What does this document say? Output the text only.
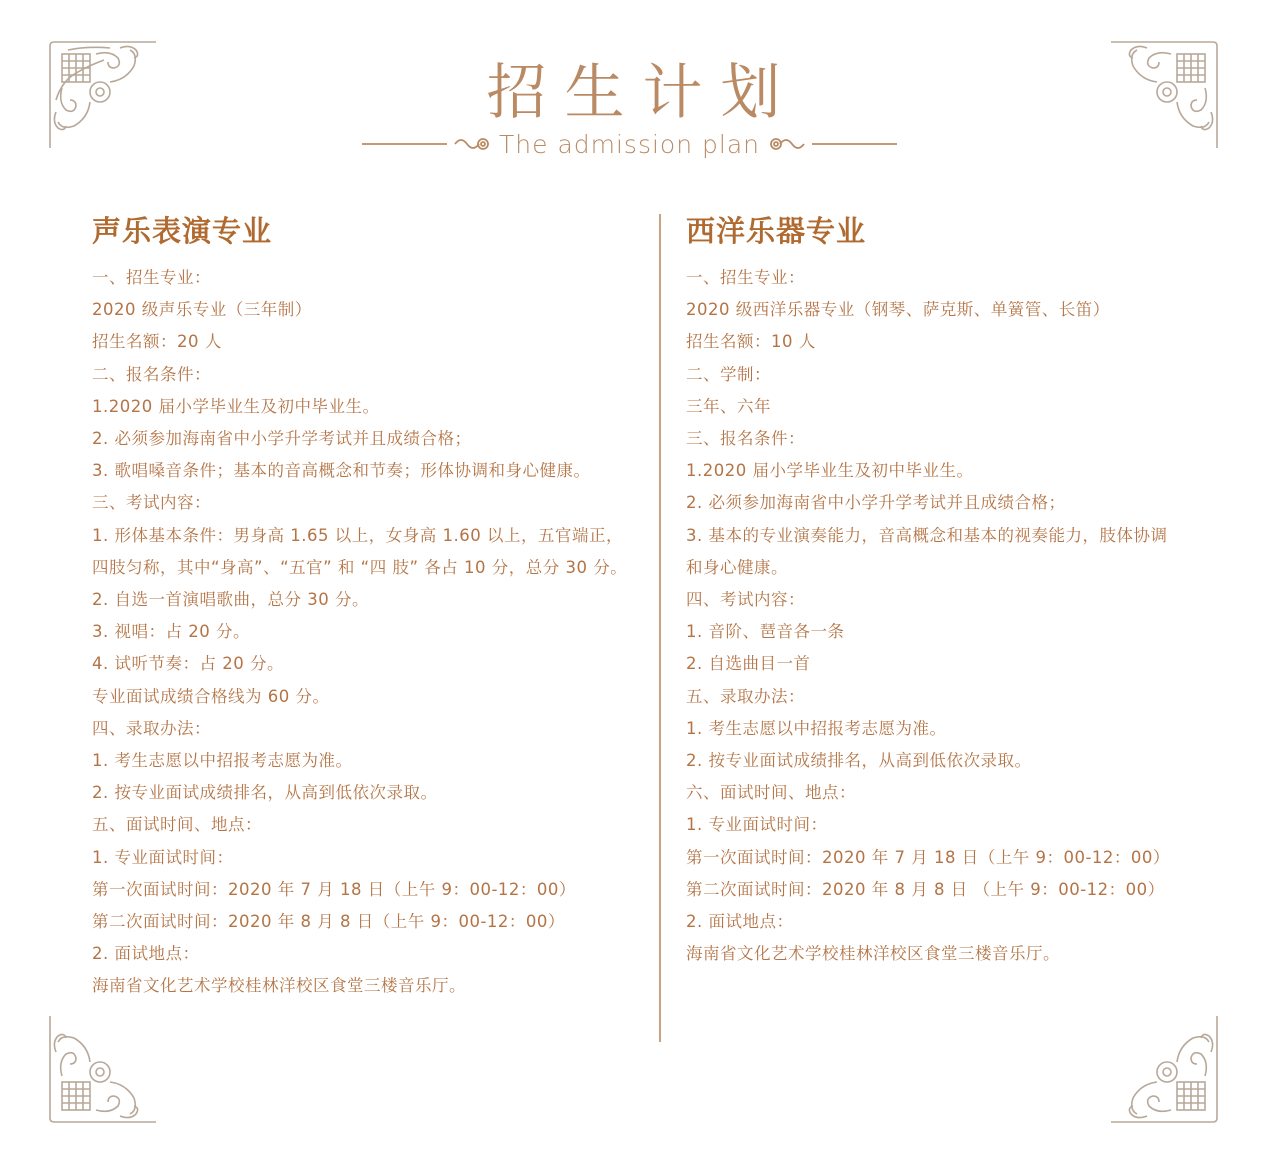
招生计划
The admission plan
声乐表演专业
一、招生专业：
2020 级声乐专业（三年制）
招生名额：20 人
二、报名条件：
1.2020 届小学毕业生及初中毕业生。
2. 必须参加海南省中小学升学考试并且成绩合格；
3. 歌唱嗓音条件；基本的音高概念和节奏；形体协调和身心健康。
三、考试内容：
1. 形体基本条件：男身高 1.65 以上，女身高 1.60 以上，五官端正，
四肢匀称，其中“身高”、“五官” 和 “四 肢” 各占 10 分，总分 30 分。
2. 自选一首演唱歌曲，总分 30 分。
3. 视唱：占 20 分。
4. 试听节奏：占 20 分。
专业面试成绩合格线为 60 分。
四、录取办法：
1. 考生志愿以中招报考志愿为准。
2. 按专业面试成绩排名，从高到低依次录取。
五、面试时间、地点：
1. 专业面试时间：
第一次面试时间：2020 年 7 月 18 日（上午 9：00-12：00）
第二次面试时间：2020 年 8 月 8 日（上午 9：00-12：00）
2. 面试地点：
海南省文化艺术学校桂林洋校区食堂三楼音乐厅。
西洋乐器专业
一、招生专业：
2020 级西洋乐器专业（钢琴、萨克斯、单簧管、长笛）
招生名额：10 人
二、学制：
三年、六年
三、报名条件：
1.2020 届小学毕业生及初中毕业生。
2. 必须参加海南省中小学升学考试并且成绩合格；
3. 基本的专业演奏能力，音高概念和基本的视奏能力，肢体协调
和身心健康。
四、考试内容：
1. 音阶、琶音各一条
2. 自选曲目一首
五、录取办法：
1. 考生志愿以中招报考志愿为准。
2. 按专业面试成绩排名，从高到低依次录取。
六、面试时间、地点：
1. 专业面试时间：
第一次面试时间：2020 年 7 月 18 日（上午 9：00-12：00）
第二次面试时间：2020 年 8 月 8 日 （上午 9：00-12：00）
2. 面试地点：
海南省文化艺术学校桂林洋校区食堂三楼音乐厅。
